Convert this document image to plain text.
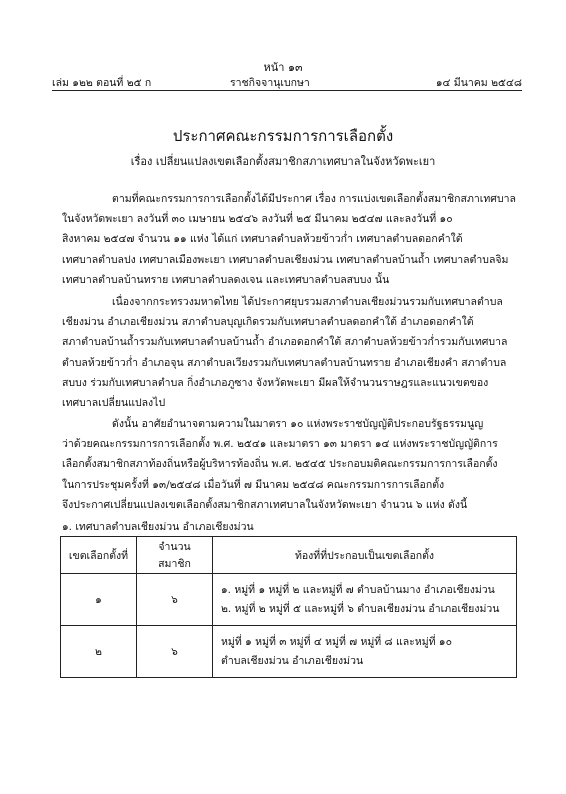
หน้า ๑๓
เล่ม ๑๒๒ ตอนที่ ๒๕ ก	ราชกิจจานุเบกษา	๑๔ มีนาคม ๒๕๔๘
ประกาศคณะกรรมการการเลือกตั้ง
เรื่อง เปลี่ยนแปลงเขตเลือกตั้งสมาชิกสภาเทศบาลในจังหวัดพะเยา
ตามที่คณะกรรมการการเลือกตั้งได้มีประกาศ เรื่อง การแบ่งเขตเลือกตั้งสมาชิกสภาเทศบาล
ในจังหวัดพะเยา ลงวันที่ ๓๐ เมษายน ๒๕๔๖ ลงวันที่ ๒๕ มีนาคม ๒๕๔๗ และลงวันที่ ๑๐
สิงหาคม ๒๕๔๗ จำนวน ๑๑ แห่ง ได้แก่ เทศบาลตำบลห้วยข้าวก่ำ เทศบาลตำบลดอกคำใต้
เทศบาลตำบลปง เทศบาลเมืองพะเยา เทศบาลตำบลเชียงม่วน เทศบาลตำบลบ้านถ้ำ เทศบาลตำบลจิม
เทศบาลตำบลบ้านทราย เทศบาลตำบลดงเจน และเทศบาลตำบลสบบง นั้น
เนื่องจากกระทรวงมหาดไทย ได้ประกาศยุบรวมสภาตำบลเชียงม่วนรวมกับเทศบาลตำบล
เชียงม่วน อำเภอเชียงม่วน สภาตำบลบุญเกิดรวมกับเทศบาลตำบลดอกคำใต้ อำเภอดอกคำใต้
สภาตำบลบ้านถ้ำรวมกับเทศบาลตำบลบ้านถ้ำ อำเภอดอกคำใต้ สภาตำบลห้วยข้าวก่ำรวมกับเทศบาล
ตำบลห้วยข้าวก่ำ อำเภอจุน สภาตำบลเวียงรวมกับเทศบาลตำบลบ้านทราย อำเภอเชียงคำ สภาตำบล
สบบง ร่วมกับเทศบาลตำบล กิ่งอำเภอภูซาง จังหวัดพะเยา มีผลให้จำนวนราษฎรและแนวเขตของ
เทศบาลเปลี่ยนแปลงไป
ดังนั้น อาศัยอำนาจตามความในมาตรา ๑๐ แห่งพระราชบัญญัติประกอบรัฐธรรมนูญ
ว่าด้วยคณะกรรมการการเลือกตั้ง พ.ศ. ๒๕๔๑ และมาตรา ๑๓ มาตรา ๑๔ แห่งพระราชบัญญัติการ
เลือกตั้งสมาชิกสภาท้องถิ่นหรือผู้บริหารท้องถิ่น พ.ศ. ๒๕๔๕ ประกอบมติคณะกรรมการการเลือกตั้ง
ในการประชุมครั้งที่ ๑๓/๒๕๔๘ เมื่อวันที่ ๗ มีนาคม ๒๕๔๘ คณะกรรมการการเลือกตั้ง
จึงประกาศเปลี่ยนแปลงเขตเลือกตั้งสมาชิกสภาเทศบาลในจังหวัดพะเยา จำนวน ๖ แห่ง ดังนี้
๑. เทศบาลตำบลเชียงม่วน อำเภอเชียงม่วน
เขตเลือกตั้งที่	จำนวนสมาชิก	ท้องที่ที่ประกอบเป็นเขตเลือกตั้ง
๑	๖	๑. หมู่ที่ ๑ หมู่ที่ ๒ และหมู่ที่ ๗ ตำบลบ้านมาง อำเภอเชียงม่วน
๒. หมู่ที่ ๒ หมู่ที่ ๕ และหมู่ที่ ๖ ตำบลเชียงม่วน อำเภอเชียงม่วน

๒	๖	หมู่ที่ ๑ หมู่ที่ ๓ หมู่ที่ ๔ หมู่ที่ ๗ หมู่ที่ ๘ และหมู่ที่ ๑๐
ตำบลเชียงม่วน อำเภอเชียงม่วน
